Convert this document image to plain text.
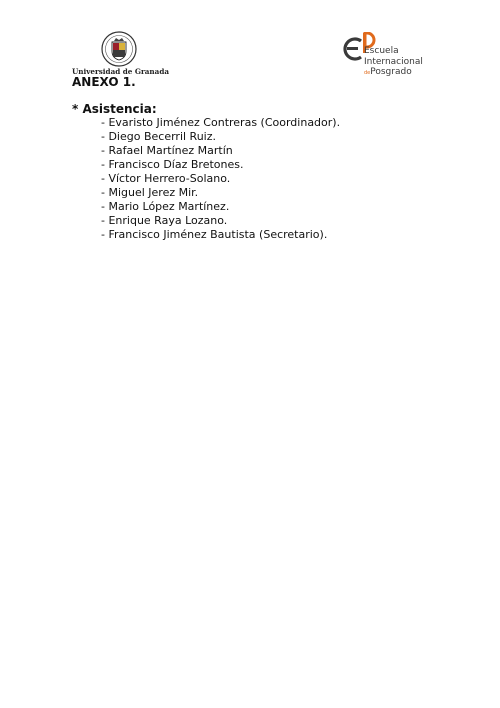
Universidad de Granada
Escuela
Internacional
dePosgrado
ANEXO 1.
* Asistencia:
- Evaristo Jiménez Contreras (Coordinador).
- Diego Becerril Ruiz.
- Rafael Martínez Martín
- Francisco Díaz Bretones.
- Víctor Herrero-Solano.
- Miguel Jerez Mir.
- Mario López Martínez.
- Enrique Raya Lozano.
- Francisco Jiménez Bautista (Secretario).
